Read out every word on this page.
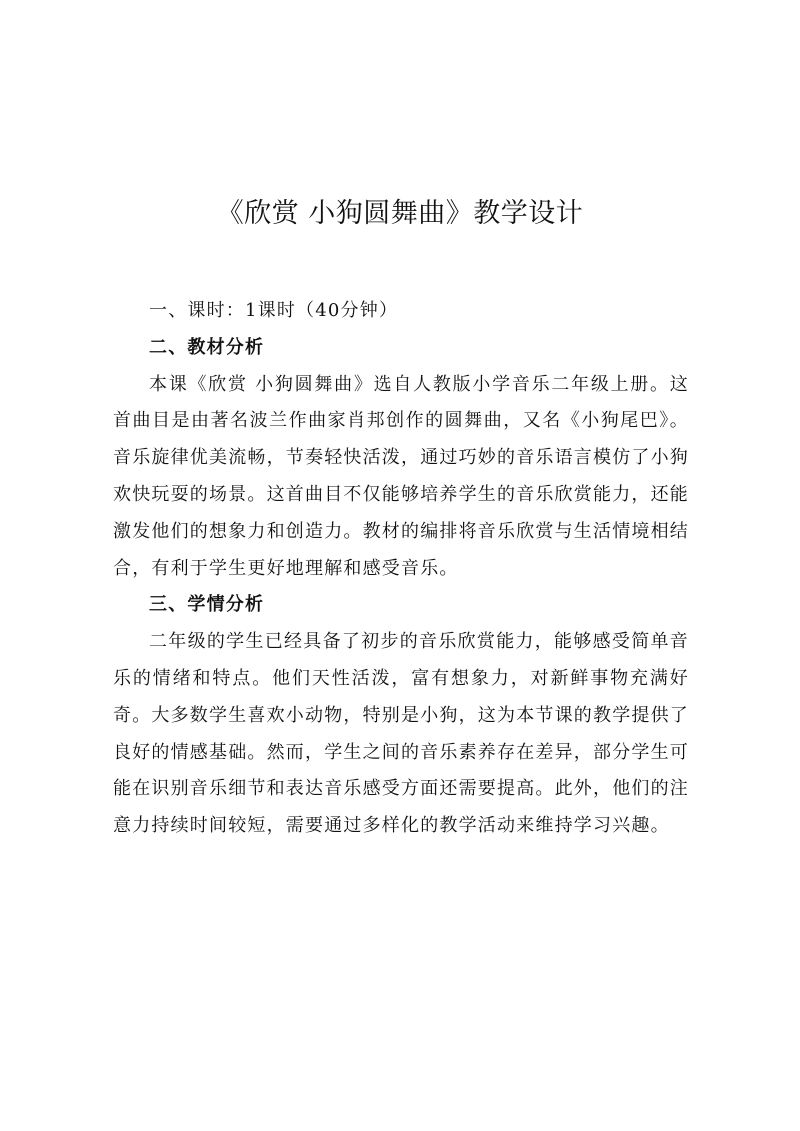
《欣赏 小狗圆舞曲》教学设计

一、课时：1课时（40分钟）

二、教材分析

本课《欣赏 小狗圆舞曲》选自人教版小学音乐二年级上册。这首曲目是由著名波兰作曲家肖邦创作的圆舞曲，又名《小狗尾巴》。音乐旋律优美流畅，节奏轻快活泼，通过巧妙的音乐语言模仿了小狗欢快玩耍的场景。这首曲目不仅能够培养学生的音乐欣赏能力，还能激发他们的想象力和创造力。教材的编排将音乐欣赏与生活情境相结合，有利于学生更好地理解和感受音乐。

三、学情分析

二年级的学生已经具备了初步的音乐欣赏能力，能够感受简单音乐的情绪和特点。他们天性活泼，富有想象力，对新鲜事物充满好奇。大多数学生喜欢小动物，特别是小狗，这为本节课的教学提供了良好的情感基础。然而，学生之间的音乐素养存在差异，部分学生可能在识别音乐细节和表达音乐感受方面还需要提高。此外，他们的注意力持续时间较短，需要通过多样化的教学活动来维持学习兴趣。
